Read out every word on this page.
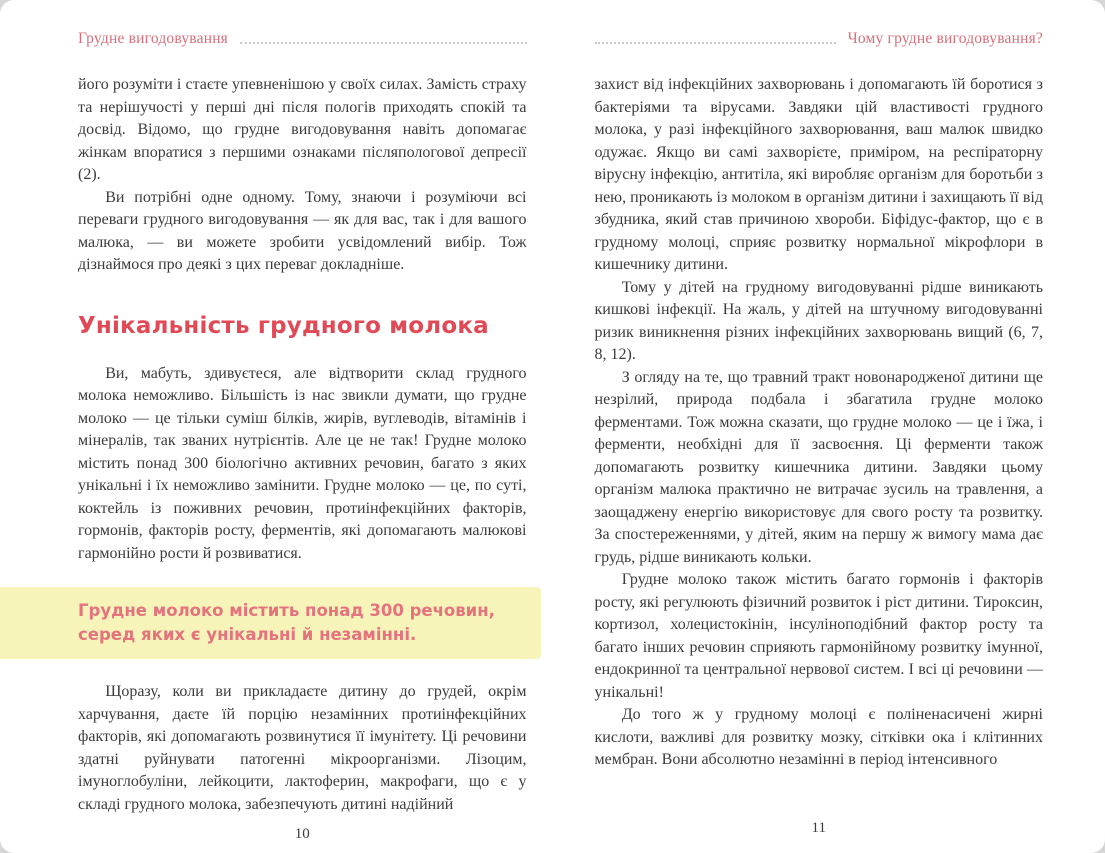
Грудне вигодовування

його розуміти і стаєте упевненішою у своїх силах. Замість страху та нерішучості у перші дні після пологів приходять спокій та досвід. Відомо, що грудне вигодовування навіть допомагає жінкам впоратися з першими ознаками післяпологової депресії (2).

Ви потрібні одне одному. Тому, знаючи і розуміючи всі переваги грудного вигодовування — як для вас, так і для вашого малюка, — ви можете зробити усвідомлений вибір. Тож дізнаймося про деякі з цих переваг докладніше.

Унікальність грудного молока

Ви, мабуть, здивуєтеся, але відтворити склад грудного молока неможливо. Більшість із нас звикли думати, що грудне молоко — це тільки суміш білків, жирів, вуглеводів, вітамінів і мінералів, так званих нутрієнтів. Але це не так! Грудне молоко містить понад 300 біологічно активних речовин, багато з яких унікальні і їх неможливо замінити. Грудне молоко — це, по суті, коктейль із поживних речовин, протиінфекційних факторів, гормонів, факторів росту, ферментів, які допомагають малюкові гармонійно рости й розвиватися.

Грудне молоко містить понад 300 речовин,
серед яких є унікальні й незамінні.

Щоразу, коли ви прикладаєте дитину до грудей, окрім харчування, даєте їй порцію незамінних протиінфекційних факторів, які допомагають розвинутися її імунітету. Ці речовини здатні руйнувати патогенні мікроорганізми. Лізоцим, імуноглобуліни, лейкоцити, лактоферин, макрофаги, що є у складі грудного молока, забезпечують дитині надійний

10
Чому грудне вигодовування?

захист від інфекційних захворювань і допомагають їй боротися з бактеріями та вірусами. Завдяки цій властивості грудного молока, у разі інфекційного захворювання, ваш малюк швидко одужає. Якщо ви самі захворієте, приміром, на респіраторну вірусну інфекцію, антитіла, які виробляє організм для боротьби з нею, проникають із молоком в організм дитини і захищають її від збудника, який став причиною хвороби. Біфідус-фактор, що є в грудному молоці, сприяє розвитку нормальної мікрофлори в кишечнику дитини.

Тому у дітей на грудному вигодовуванні рідше виникають кишкові інфекції. На жаль, у дітей на штучному вигодовуванні ризик виникнення різних інфекційних захворювань вищий (6, 7, 8, 12).

З огляду на те, що травний тракт новонародженої дитини ще незрілий, природа подбала і збагатила грудне молоко ферментами. Тож можна сказати, що грудне молоко — це і їжа, і ферменти, необхідні для її засвоєння. Ці ферменти також допомагають розвитку кишечника дитини. Завдяки цьому організм малюка практично не витрачає зусиль на травлення, а заощаджену енергію використовує для свого росту та розвитку. За спостереженнями, у дітей, яким на першу ж вимогу мама дає грудь, рідше виникають кольки.

Грудне молоко також містить багато гормонів і факторів росту, які регулюють фізичний розвиток і ріст дитини. Тироксин, кортизол, холецистокінін, інсуліноподібний фактор росту та багато інших речовин сприяють гармонійному розвитку імунної, ендокринної та центральної нервової систем. І всі ці речовини — унікальні!

До того ж у грудному молоці є поліненасичені жирні кислоти, важливі для розвитку мозку, сітківки ока і клітинних мембран. Вони абсолютно незамінні в період інтенсивного

11
